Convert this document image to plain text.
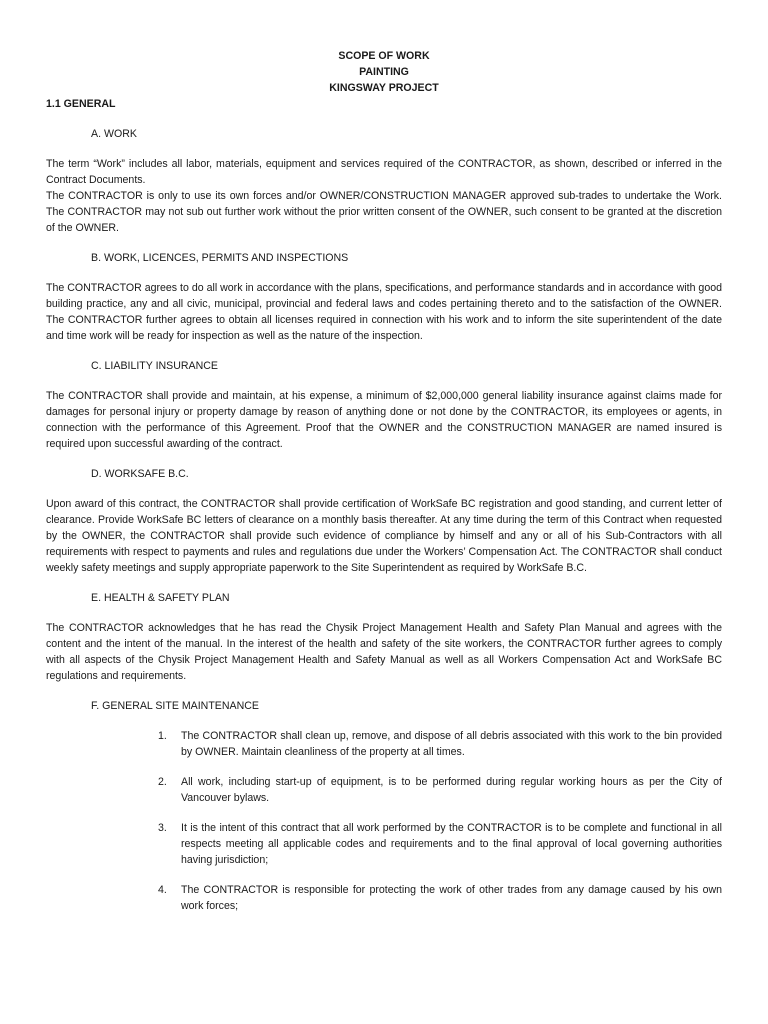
SCOPE OF WORK
PAINTING
KINGSWAY PROJECT
1.1 GENERAL
A. WORK

The term “Work” includes all labor, materials, equipment and services required of the CONTRACTOR, as shown, described or inferred in the Contract Documents.

The CONTRACTOR is only to use its own forces and/or OWNER/CONSTRUCTION MANAGER approved sub-trades to undertake the Work. The CONTRACTOR may not sub out further work without the prior written consent of the OWNER, such consent to be granted at the discretion of the OWNER.

B. WORK, LICENCES, PERMITS AND INSPECTIONS

The CONTRACTOR agrees to do all work in accordance with the plans, specifications, and performance standards and in accordance with good building practice, any and all civic, municipal, provincial and federal laws and codes pertaining thereto and to the satisfaction of the OWNER. The CONTRACTOR further agrees to obtain all licenses required in connection with his work and to inform the site superintendent of the date and time work will be ready for inspection as well as the nature of the inspection.

C. LIABILITY INSURANCE

The CONTRACTOR shall provide and maintain, at his expense, a minimum of $2,000,000 general liability insurance against claims made for damages for personal injury or property damage by reason of anything done or not done by the CONTRACTOR, its employees or agents, in connection with the performance of this Agreement. Proof that the OWNER and the CONSTRUCTION MANAGER are named insured is required upon successful awarding of the contract.

D. WORKSAFE B.C.

Upon award of this contract, the CONTRACTOR shall provide certification of WorkSafe BC registration and good standing, and current letter of clearance. Provide WorkSafe BC letters of clearance on a monthly basis thereafter. At any time during the term of this Contract when requested by the OWNER, the CONTRACTOR shall provide such evidence of compliance by himself and any or all of his Sub-Contractors with all requirements with respect to payments and rules and regulations due under the Workers’ Compensation Act. The CONTRACTOR shall conduct weekly safety meetings and supply appropriate paperwork to the Site Superintendent as required by WorkSafe B.C.

E. HEALTH & SAFETY PLAN

The CONTRACTOR acknowledges that he has read the Chysik Project Management Health and Safety Plan Manual and agrees with the content and the intent of the manual. In the interest of the health and safety of the site workers, the CONTRACTOR further agrees to comply with all aspects of the Chysik Project Management Health and Safety Manual as well as all Workers Compensation Act and WorkSafe BC regulations and requirements.

F. GENERAL SITE MAINTENANCE
1.	The CONTRACTOR shall clean up, remove, and dispose of all debris associated with this work to the bin provided by OWNER. Maintain cleanliness of the property at all times.
2.	All work, including start-up of equipment, is to be performed during regular working hours as per the City of Vancouver bylaws.
3.	It is the intent of this contract that all work performed by the CONTRACTOR is to be complete and functional in all respects meeting all applicable codes and requirements and to the final approval of local governing authorities having jurisdiction;
4.	The CONTRACTOR is responsible for protecting the work of other trades from any damage caused by his own work forces;
